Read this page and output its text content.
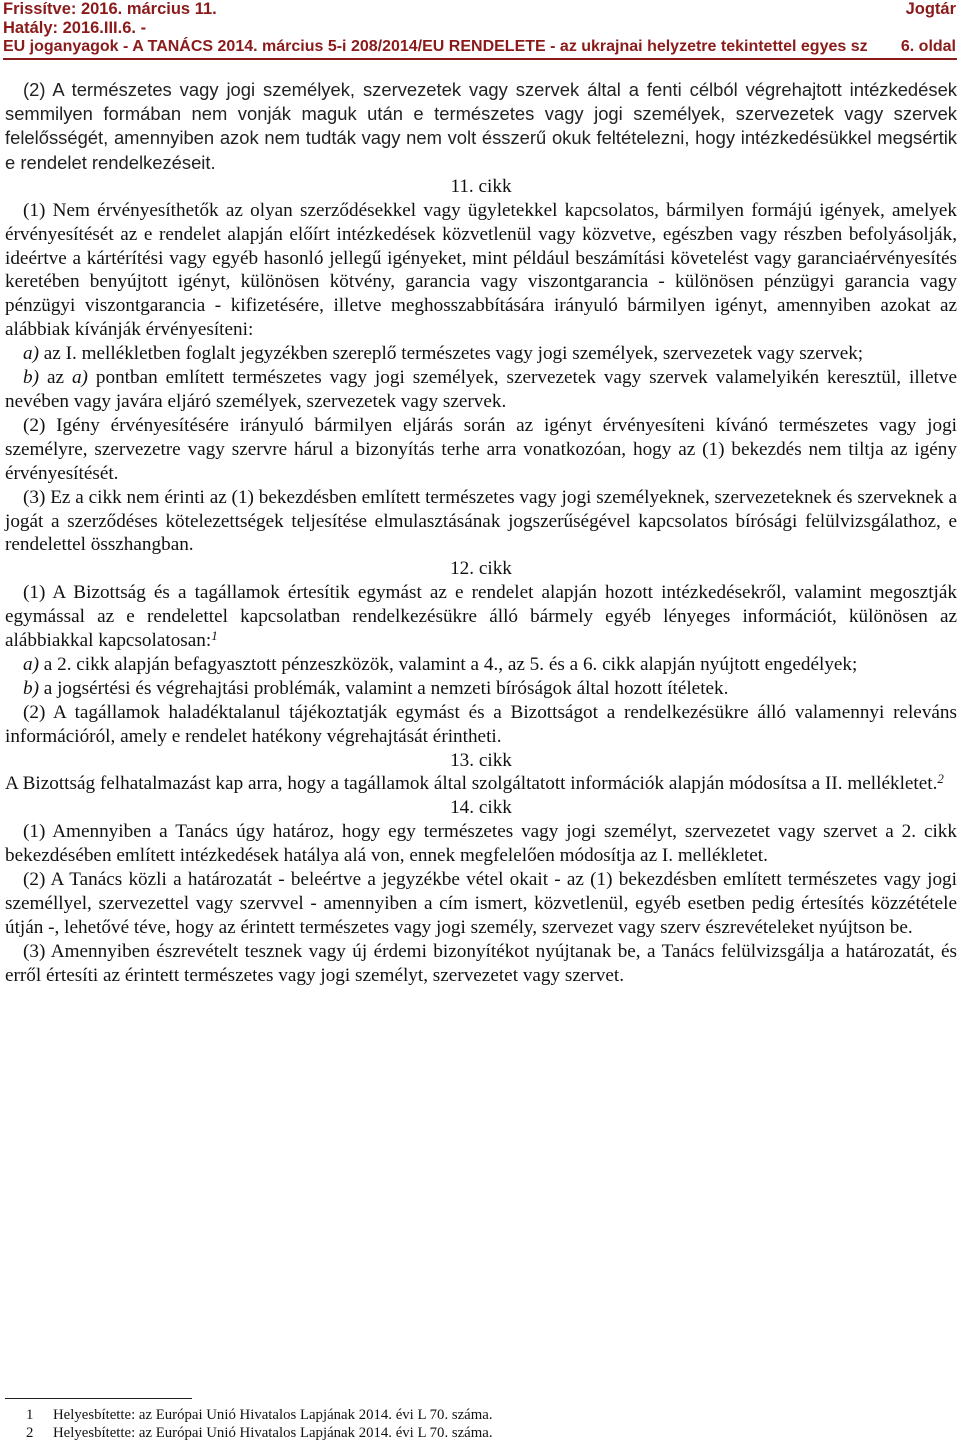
Frissítve: 2016. március 11.	Jogtár
Hatály: 2016.III.6. -
EU joganyagok - A TANÁCS 2014. március 5-i 208/2014/EU RENDELETE - az ukrajnai helyzetre tekintettel egyes sz 6. oldal

(2) A természetes vagy jogi személyek, szervezetek vagy szervek által a fenti célból végrehajtott intézkedések semmilyen formában nem vonják maguk után e természetes vagy jogi személyek, szervezetek vagy szervek felelősségét, amennyiben azok nem tudták vagy nem volt ésszerű okuk feltételezni, hogy intézkedésükkel megsértik e rendelet rendelkezéseit.

11. cikk

(1) Nem érvényesíthetők az olyan szerződésekkel vagy ügyletekkel kapcsolatos, bármilyen formájú igények, amelyek érvényesítését az e rendelet alapján előírt intézkedések közvetlenül vagy közvetve, egészben vagy részben befolyásolják, ideértve a kártérítési vagy egyéb hasonló jellegű igényeket, mint például beszámítási követelést vagy garanciaérvényesítés keretében benyújtott igényt, különösen kötvény, garancia vagy viszontgarancia - különösen pénzügyi garancia vagy pénzügyi viszontgarancia - kifizetésére, illetve meghosszabbítására irányuló bármilyen igényt, amennyiben azokat az alábbiak kívánják érvényesíteni:

a) az I. mellékletben foglalt jegyzékben szereplő természetes vagy jogi személyek, szervezetek vagy szervek;

b) az a) pontban említett természetes vagy jogi személyek, szervezetek vagy szervek valamelyikén keresztül, illetve nevében vagy javára eljáró személyek, szervezetek vagy szervek.

(2) Igény érvényesítésére irányuló bármilyen eljárás során az igényt érvényesíteni kívánó természetes vagy jogi személyre, szervezetre vagy szervre hárul a bizonyítás terhe arra vonatkozóan, hogy az (1) bekezdés nem tiltja az igény érvényesítését.

(3) Ez a cikk nem érinti az (1) bekezdésben említett természetes vagy jogi személyeknek, szervezeteknek és szerveknek a jogát a szerződéses kötelezettségek teljesítése elmulasztásának jogszerűségével kapcsolatos bírósági felülvizsgálathoz, e rendelettel összhangban.

12. cikk

(1) A Bizottság és a tagállamok értesítik egymást az e rendelet alapján hozott intézkedésekről, valamint megosztják egymással az e rendelettel kapcsolatban rendelkezésükre álló bármely egyéb lényeges információt, különösen az alábbiakkal kapcsolatosan:$^1$

a) a 2. cikk alapján befagyasztott pénzeszközök, valamint a 4., az 5. és a 6. cikk alapján nyújtott engedélyek;

b) a jogsértési és végrehajtási problémák, valamint a nemzeti bíróságok által hozott ítéletek.

(2) A tagállamok haladéktalanul tájékoztatják egymást és a Bizottságot a rendelkezésükre álló valamennyi releváns információról, amely e rendelet hatékony végrehajtását érintheti.

13. cikk

A Bizottság felhatalmazást kap arra, hogy a tagállamok által szolgáltatott információk alapján módosítsa a II. mellékletet.$^2$

14. cikk

(1) Amennyiben a Tanács úgy határoz, hogy egy természetes vagy jogi személyt, szervezetet vagy szervet a 2. cikk bekezdésében említett intézkedések hatálya alá von, ennek megfelelően módosítja az I. mellékletet.

(2) A Tanács közli a határozatát - beleértve a jegyzékbe vétel okait - az (1) bekezdésben említett természetes vagy jogi személlyel, szervezettel vagy szervvel - amennyiben a cím ismert, közvetlenül, egyéb esetben pedig értesítés közzététele útján -, lehetővé téve, hogy az érintett természetes vagy jogi személy, szervezet vagy szerv észrevételeket nyújtson be.

(3) Amennyiben észrevételt tesznek vagy új érdemi bizonyítékot nyújtanak be, a Tanács felülvizsgálja a határozatát, és erről értesíti az érintett természetes vagy jogi személyt, szervezetet vagy szervet.

1 Helyesbítette: az Európai Unió Hivatalos Lapjának 2014. évi L 70. száma.
2 Helyesbítette: az Európai Unió Hivatalos Lapjának 2014. évi L 70. száma.
